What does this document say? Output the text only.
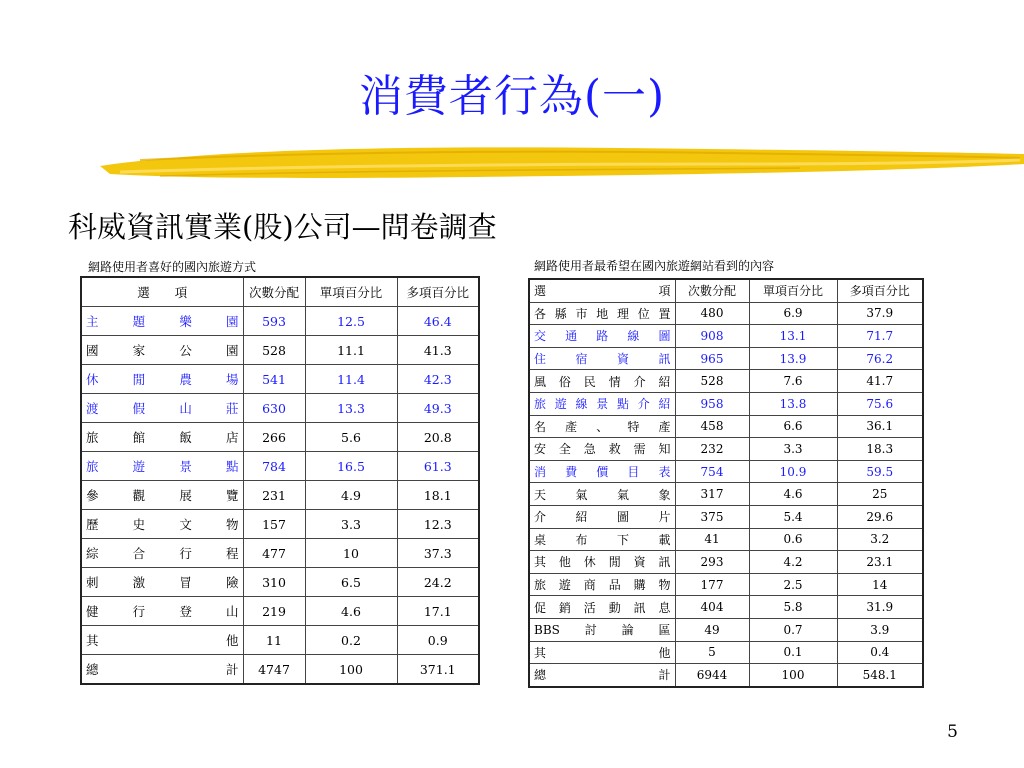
消費者行為(一)
科威資訊實業(股)公司—問卷調查
網路使用者喜好的國內旅遊方式
選　　項	次數分配	單項百分比	多項百分比
主題樂園	593	12.5	46.4
國家公園	528	11.1	41.3
休閒農場	541	11.4	42.3
渡假山莊	630	13.3	49.3
旅館飯店	266	5.6	20.8
旅遊景點	784	16.5	61.3
參觀展覽	231	4.9	18.1
歷史文物	157	3.3	12.3
綜合行程	477	10	37.3
刺激冒險	310	6.5	24.2
健行登山	219	4.6	17.1
其他	11	0.2	0.9
總計	4747	100	371.1
網路使用者最希望在國內旅遊網站看到的內容
選項	次數分配	單項百分比	多項百分比
各縣市地理位置	480	6.9	37.9
交通路線圖	908	13.1	71.7
住宿資訊	965	13.9	76.2
風俗民情介紹	528	7.6	41.7
旅遊線景點介紹	958	13.8	75.6
名產、特產	458	6.6	36.1
安全急救需知	232	3.3	18.3
消費價目表	754	10.9	59.5
天氣氣象	317	4.6	25
介紹圖片	375	5.4	29.6
桌布下載	41	0.6	3.2
其他休閒資訊	293	4.2	23.1
旅遊商品購物	177	2.5	14
促銷活動訊息	404	5.8	31.9
BBS討論區	49	0.7	3.9
其他	5	0.1	0.4
總計	6944	100	548.1
5
